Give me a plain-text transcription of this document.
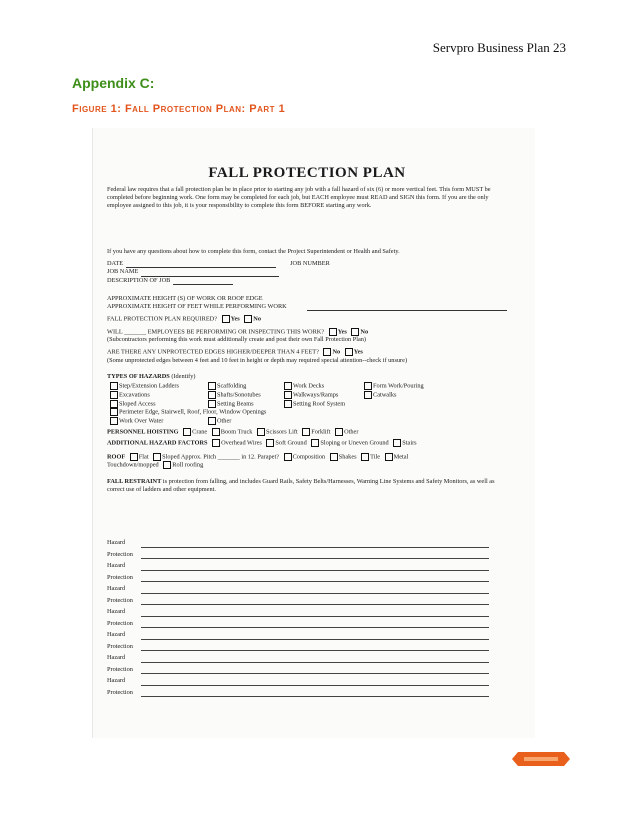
Servpro Business Plan 23
Appendix C:
Figure 1: Fall Protection Plan: Part 1
FALL PROTECTION PLAN
Federal law requires that a fall protection plan be in place prior to starting any job with a fall hazard of six (6) or more vertical feet. This form MUST be completed before beginning work. One form may be completed for each job, but EACH employee must READ and SIGN this form. If you are the only employee assigned to this job, it is your responsibility to complete this form BEFORE starting any work.
If you have any questions about how to complete this form, contact the Project Superintendent or Health and Safety.
DATE	JOB NUMBER
JOB NAME
DESCRIPTION OF JOB
APPROXIMATE HEIGHT (S) OF WORK OR ROOF EDGE
APPROXIMATE HEIGHT OF FEET WHILE PERFORMING WORK
FALL PROTECTION PLAN REQUIRED? Yes No
WILL _______ EMPLOYEES BE PERFORMING OR INSPECTING THIS WORK? Yes No
(Subcontractors performing this work must additionally create and post their own Fall Protection Plan)
ARE THERE ANY UNPROTECTED EDGES HIGHER/DEEPER THAN 4 FEET? No Yes
(Some unprotected edges between 4 feet and 10 feet in height or depth may required special attention--check if unsure)
TYPES OF HAZARDS (Identify)
Step/Extension Ladders	Scaffolding	Work Decks	Form Work/Pouring
Excavations	Shafts/Sonotubes	Walkways/Ramps	Catwalks
Sloped Access	Setting Beams	Setting Roof System
Perimeter Edge, Stairwell, Roof, Floor, Window Openings
Work Over Water	Other
PERSONNEL HOISTING Crane Boom Truck Scissors Lift Forklift Other
ADDITIONAL HAZARD FACTORS Overhead Wires Soft Ground Sloping or Uneven Ground Stairs
ROOF Flat Sloped Approx. Pitch _______ in 12. Parapet? Composition Shakes Tile Metal
Touchdown/mopped Roll roofing
FALL RESTRAINT is protection from falling, and includes Guard Rails, Safety Belts/Harnesses, Warning Line Systems and Safety Monitors, as well as correct use of ladders and other equipment.
Hazard
Protection
Hazard
Protection
Hazard
Protection
Hazard
Protection
Hazard
Protection
Hazard
Protection
Hazard
Protection
